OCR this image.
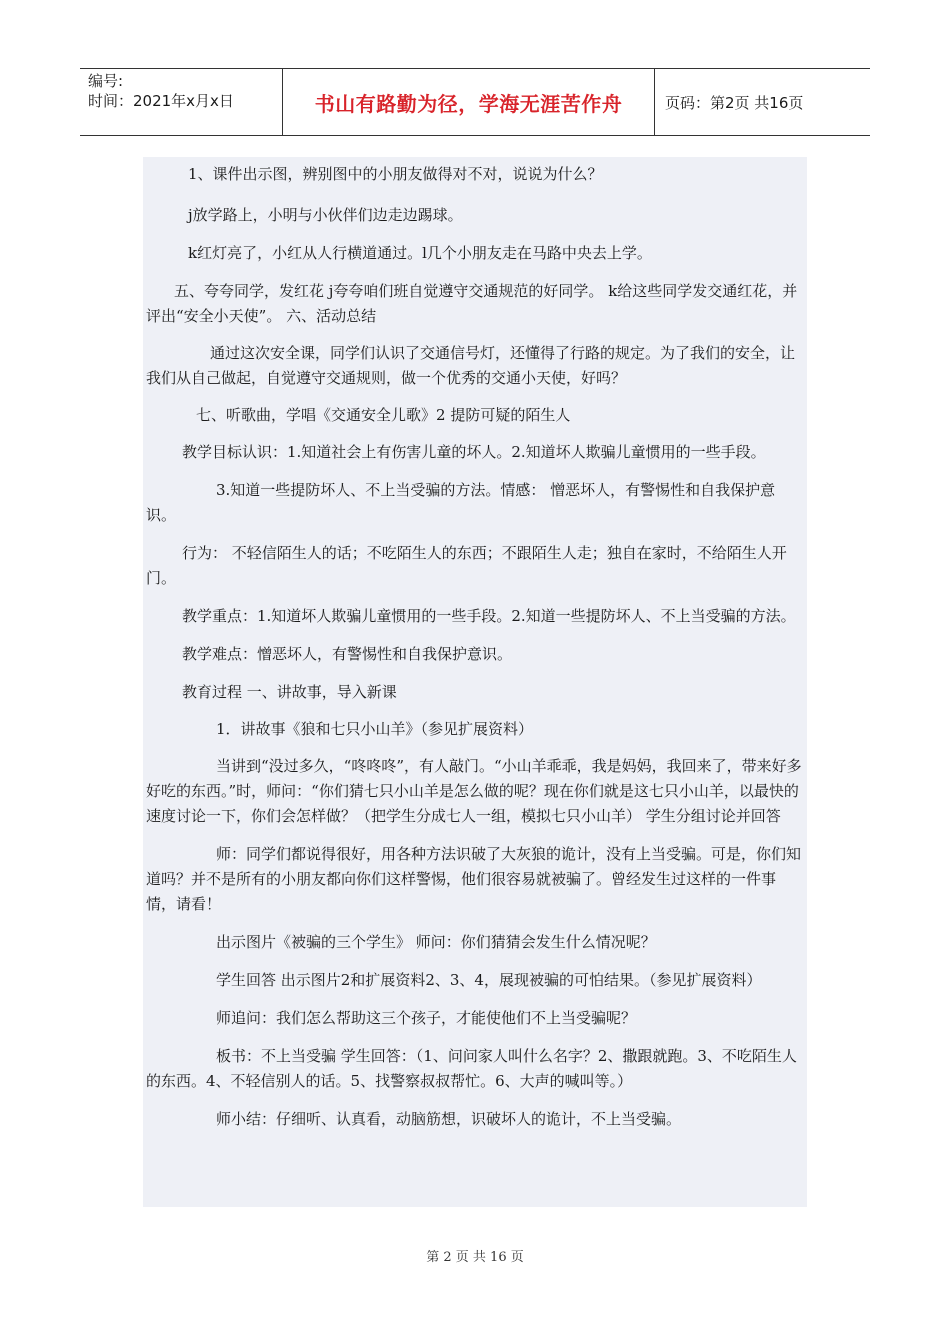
编号:
时间：2021年x月x日	书山有路勤为径，学海无涯苦作舟	页码：第2页 共16页

1、课件出示图，辨别图中的小朋友做得对不对，说说为什么？

j放学路上，小明与小伙伴们边走边踢球。

k红灯亮了，小红从人行横道通过。l几个小朋友走在马路中央去上学。

五、夸夸同学，发红花 j夸夸咱们班自觉遵守交通规范的好同学。 k给这些同学发交通红花，并评出“安全小天使”。 六、活动总结

通过这次安全课，同学们认识了交通信号灯，还懂得了行路的规定。为了我们的安全，让我们从自己做起，自觉遵守交通规则，做一个优秀的交通小天使，好吗？

七、听歌曲，学唱《交通安全儿歌》2 提防可疑的陌生人

教学目标认识：1.知道社会上有伤害儿童的坏人。2.知道坏人欺骗儿童惯用的一些手段。

3.知道一些提防坏人、不上当受骗的方法。情感： 憎恶坏人，有警惕性和自我保护意识。

行为： 不轻信陌生人的话；不吃陌生人的东西；不跟陌生人走；独自在家时，不给陌生人开门。

教学重点：1.知道坏人欺骗儿童惯用的一些手段。2.知道一些提防坏人、不上当受骗的方法。

教学难点：憎恶坏人，有警惕性和自我保护意识。

教育过程 一、讲故事，导入新课

1．讲故事《狼和七只小山羊》（参见扩展资料）

当讲到“没过多久，“咚咚咚”，有人敲门。“小山羊乖乖，我是妈妈，我回来了，带来好多好吃的东西。”时，师问：“你们猜七只小山羊是怎么做的呢？现在你们就是这七只小山羊，以最快的速度讨论一下，你们会怎样做？（把学生分成七人一组，模拟七只小山羊） 学生分组讨论并回答

师：同学们都说得很好，用各种方法识破了大灰狼的诡计，没有上当受骗。可是，你们知道吗？并不是所有的小朋友都向你们这样警惕，他们很容易就被骗了。曾经发生过这样的一件事情，请看！

出示图片《被骗的三个学生》 师问：你们猜猜会发生什么情况呢？

学生回答 出示图片2和扩展资料2、3、4，展现被骗的可怕结果。（参见扩展资料）

师追问：我们怎么帮助这三个孩子，才能使他们不上当受骗呢？

板书：不上当受骗 学生回答：（1、问问家人叫什么名字？2、撒跟就跑。3、不吃陌生人的东西。4、不轻信别人的话。5、找警察叔叔帮忙。6、大声的喊叫等。）

师小结：仔细听、认真看，动脑筋想，识破坏人的诡计，不上当受骗。

第 2 页 共 16 页
